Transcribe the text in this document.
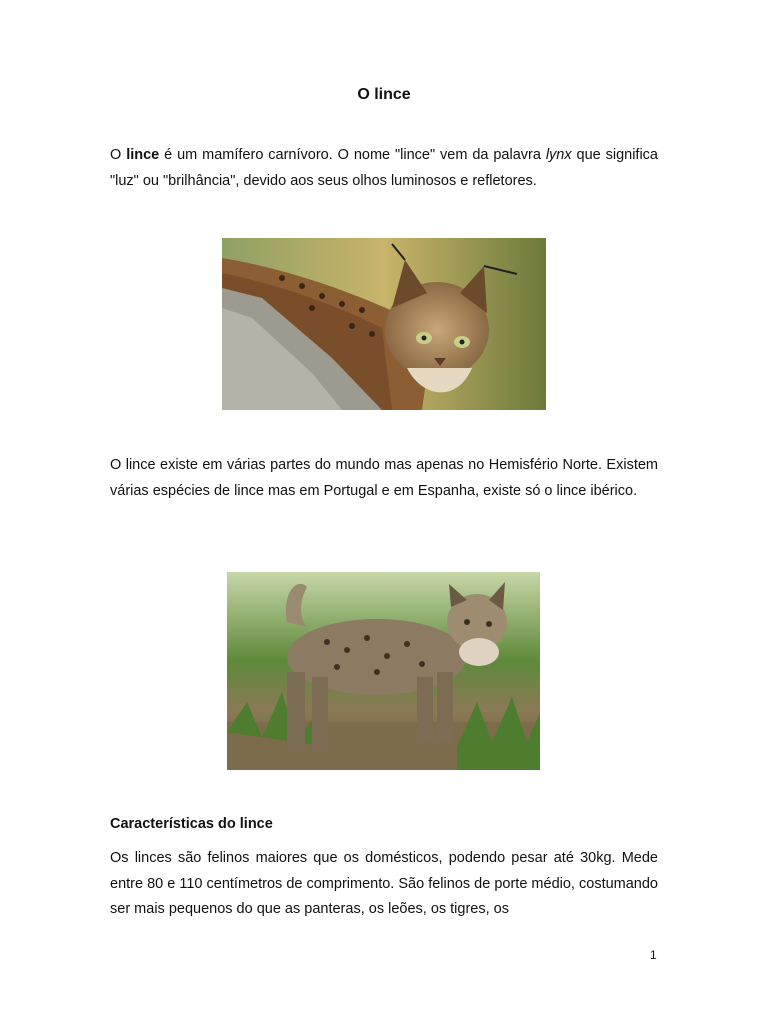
O lince
O lince é um mamífero carnívoro. O nome "lince" vem da palavra lynx que significa "luz" ou "brilhância", devido aos seus olhos luminosos e refletores.
O lince existe em várias partes do mundo mas apenas no Hemisfério Norte. Existem várias espécies de lince mas em Portugal e em Espanha, existe só o lince ibérico.
Características do lince
Os linces são felinos maiores que os domésticos, podendo pesar até 30kg. Mede entre 80 e 110 centímetros de comprimento. São felinos de porte médio, costumando ser mais pequenos do que as panteras, os leões, os tigres, os
1
